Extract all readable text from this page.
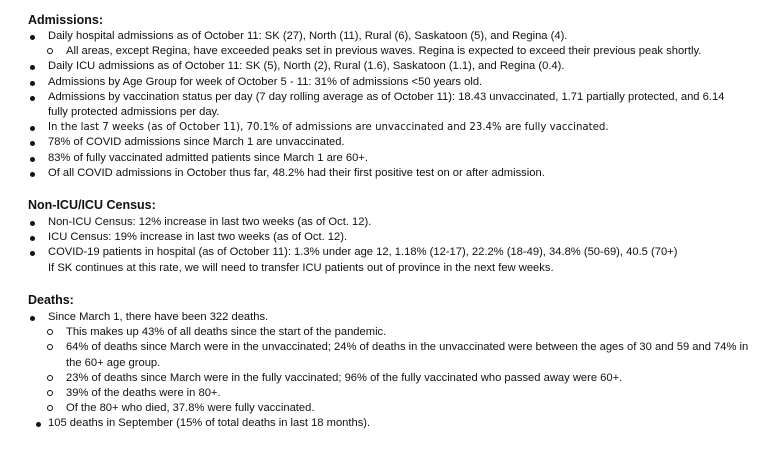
Admissions:
Daily hospital admissions as of October 11: SK (27), North (11), Rural (6), Saskatoon (5), and Regina (4).
All areas, except Regina, have exceeded peaks set in previous waves. Regina is expected to exceed their previous peak shortly.
Daily ICU admissions as of October 11: SK (5), North (2), Rural (1.6), Saskatoon (1.1), and Regina (0.4).
Admissions by Age Group for week of October 5 - 11: 31% of admissions <50 years old.
Admissions by vaccination status per day (7 day rolling average as of October 11): 18.43 unvaccinated, 1.71 partially protected, and 6.14 fully protected admissions per day.
In the last 7 weeks (as of October 11), 70.1% of admissions are unvaccinated and 23.4% are fully vaccinated.
78% of COVID admissions since March 1 are unvaccinated.
83% of fully vaccinated admitted patients since March 1 are 60+.
Of all COVID admissions in October thus far, 48.2% had their first positive test on or after admission.
Non-ICU/ICU Census:
Non-ICU Census: 12% increase in last two weeks (as of Oct. 12).
ICU Census: 19% increase in last two weeks (as of Oct. 12).
COVID-19 patients in hospital (as of October 11): 1.3% under age 12, 1.18% (12-17), 22.2% (18-49), 34.8% (50-69), 40.5 (70+)
If SK continues at this rate, we will need to transfer ICU patients out of province in the next few weeks.
Deaths:
Since March 1, there have been 322 deaths.
This makes up 43% of all deaths since the start of the pandemic.
64% of deaths since March were in the unvaccinated; 24% of deaths in the unvaccinated were between the ages of 30 and 59 and 74% in the 60+ age group.
23% of deaths since March were in the fully vaccinated; 96% of the fully vaccinated who passed away were 60+.
39% of the deaths were in 80+.
Of the 80+ who died, 37.8% were fully vaccinated.
105 deaths in September (15% of total deaths in last 18 months).
